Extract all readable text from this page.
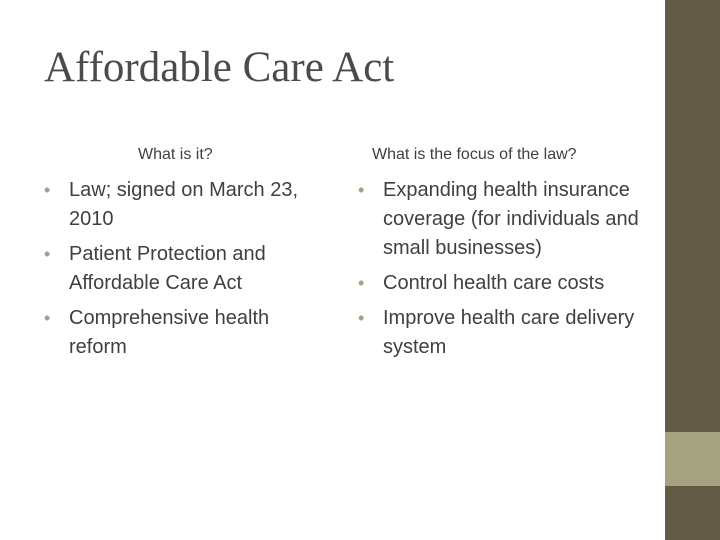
Affordable Care Act
What is it?	What is the focus of the law?
• Law; signed on March 23, 2010
• Patient Protection and Affordable Care Act
• Comprehensive health reform
• Expanding health insurance coverage (for individuals and small businesses)
• Control health care costs
• Improve health care delivery system
